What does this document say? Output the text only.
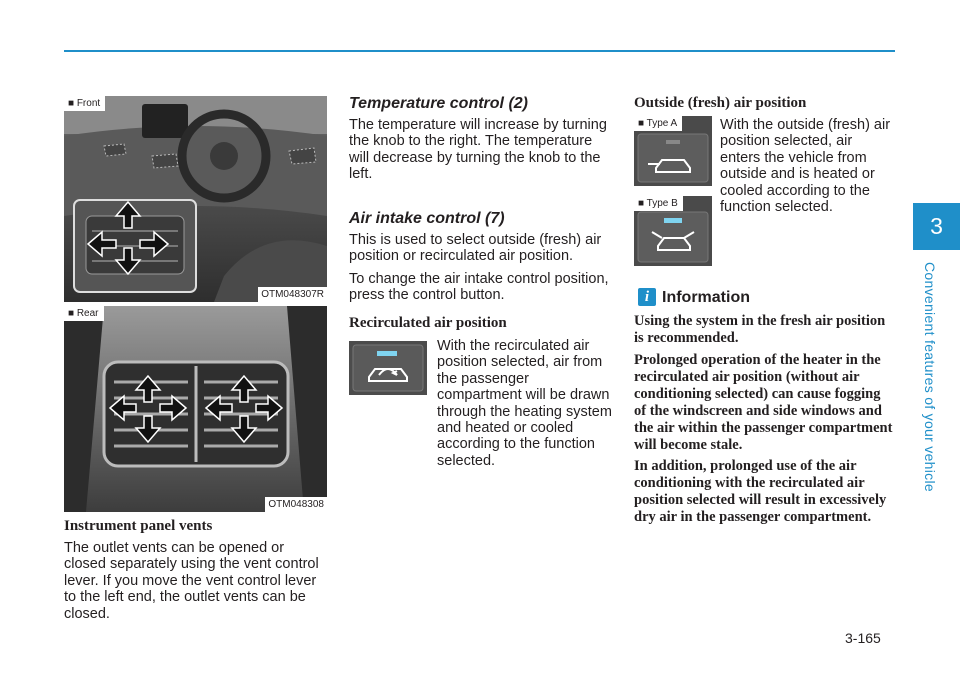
3
Convenient features of your vehicle
■ Front
OTM048307R
■ Rear
OTM048308
Instrument panel vents
The outlet vents can be opened or closed separately using the vent control lever. If you move the vent control lever to the left end, the outlet vents can be closed.
Temperature control (2)
The temperature will increase by turning the knob to the right. The temperature will decrease by turning the knob to the left.
Air intake control (7)
This is used to select outside (fresh) air position or recirculated air position.
To change the air intake control position, press the control button.
Recirculated air position
With the recirculated air position selected, air from the passenger compartment will be drawn through the heating system and heated or cooled according to the function selected.
Outside (fresh) air position
■ Type A
■ Type B
With the outside (fresh) air position selected, air enters the vehicle from outside and is heated or cooled according to the function selected.
i Information
Using the system in the fresh air position is recommended.
Prolonged operation of the heater in the recirculated air position (without air conditioning selected) can cause fogging of the windscreen and side windows and the air within the passenger compartment will become stale.
In addition, prolonged use of the air conditioning with the recirculated air position selected will result in excessively dry air in the passenger compartment.
3-165
